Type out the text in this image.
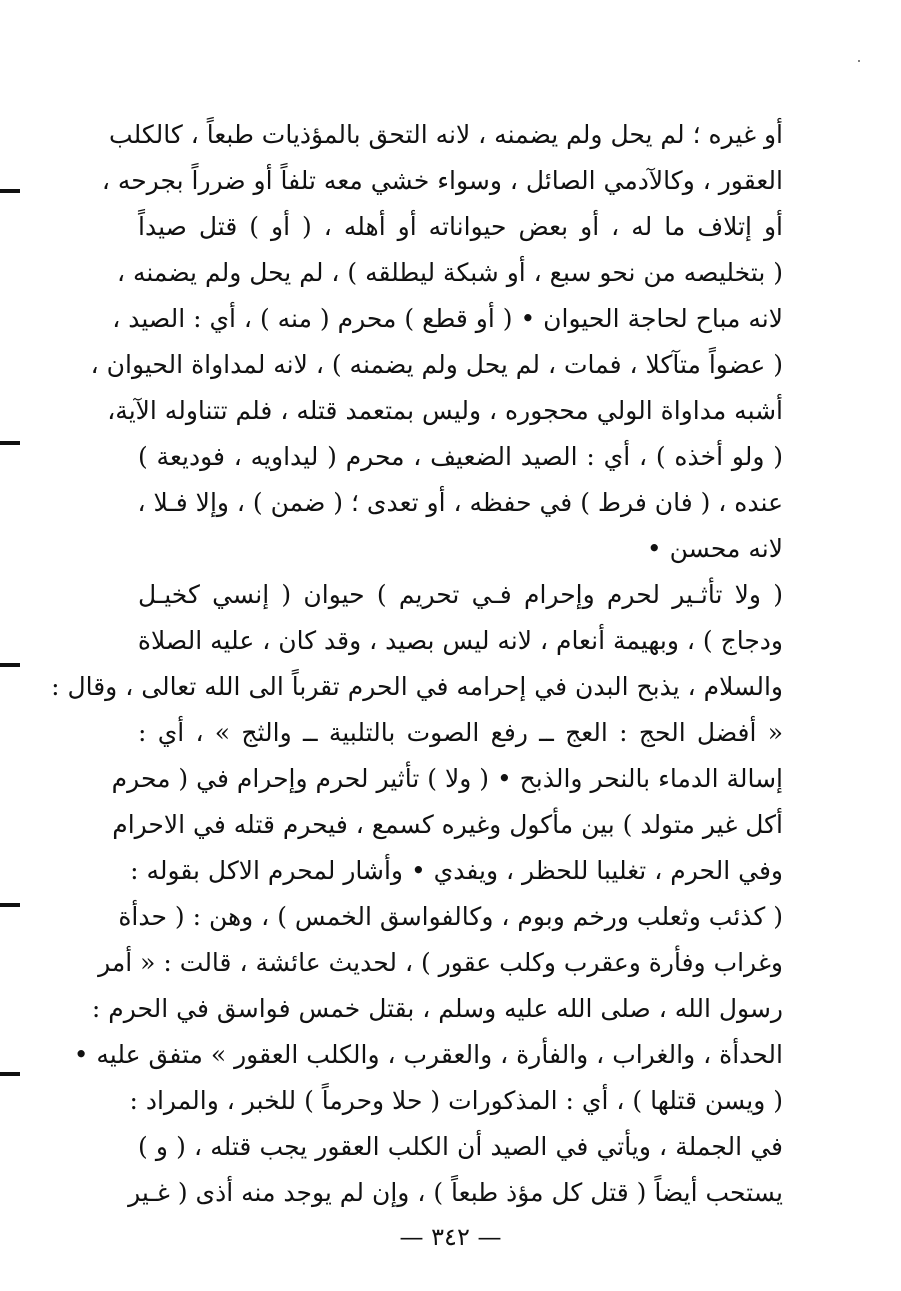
أو غيره ؛ لم يحل ولم يضمنه ، لانه التحق بالمؤذيات طبعاً ، كالكلب
العقور ، وكالآدمي الصائل ، وسواء خشي معه تلفاً أو ضرراً بجرحه ،
أو إتلاف ما له ، أو بعض حيواناته أو أهله ، ( أو ) قتل صيداً
( بتخليصه من نحو سبع ، أو شبكة ليطلقه ) ، لم يحل ولم يضمنه ،
لانه مباح لحاجة الحيوان • ( أو قطع ) محرم ( منه ) ، أي : الصيد ،
( عضواً متآكلا ، فمات ، لم يحل ولم يضمنه ) ، لانه لمداواة الحيوان ،
أشبه مداواة الولي محجوره ، وليس بمتعمد قتله ، فلم تتناوله الآية،
( ولو أخذه ) ، أي : الصيد الضعيف ، محرم ( ليداويه ، فوديعة )
عنده ، ( فان فرط ) في حفظه ، أو تعدى ؛ ( ضمن ) ، وإلا فـلا ،
لانه محسن •
( ولا تأثـير لحرم وإحرام فـي تحريم ) حيوان ( إنسي كخيـل
ودجاج ) ، وبهيمة أنعام ، لانه ليس بصيد ، وقد كان ، عليه الصلاة
والسلام ، يذبح البدن في إحرامه في الحرم تقرباً الى الله تعالى ، وقال :
« أفضل الحج : العج ــ رفع الصوت بالتلبية ــ والثج » ، أي :
إسالة الدماء بالنحر والذبح • ( ولا ) تأثير لحرم وإحرام في ( محرم
أكل غير متولد ) بين مأكول وغيره كسمع ، فيحرم قتله في الاحرام
وفي الحرم ، تغليبا للحظر ، ويفدي • وأشار لمحرم الاكل بقوله :
( كذئب وثعلب ورخم وبوم ، وكالفواسق الخمس ) ، وهن : ( حدأة
وغراب وفأرة وعقرب وكلب عقور ) ، لحديث عائشة ، قالت : « أمر
رسول الله ، صلى الله عليه وسلم ، بقتل خمس فواسق في الحرم :
الحدأة ، والغراب ، والفأرة ، والعقرب ، والكلب العقور » متفق عليه •
( ويسن قتلها ) ، أي : المذكورات ( حلا وحرماً ) للخبر ، والمراد :
في الجملة ، ويأتي في الصيد أن الكلب العقور يجب قتله ، ( و )
يستحب أيضاً ( قتل كل مؤذ طبعاً ) ، وإن لم يوجد منه أذى ( غـير
— ٣٤٢ —
